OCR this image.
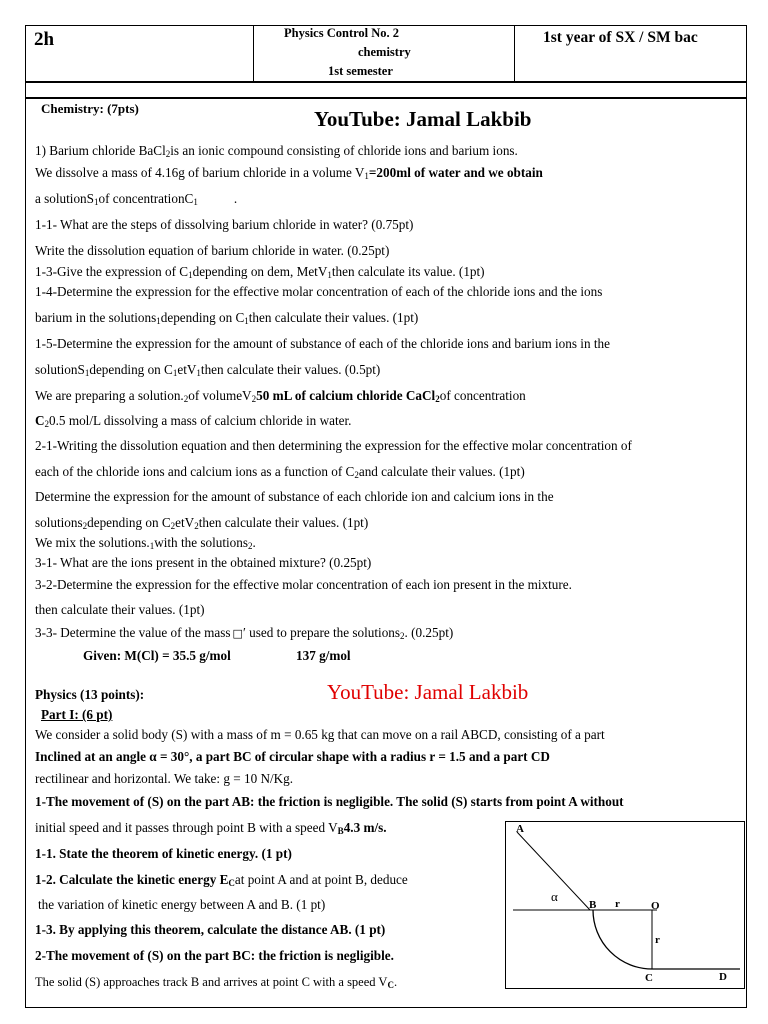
2h	Physics Control No. 2
chemistry
1st semester
1st year of SX / SM bac
Chemistry: (7pts)	YouTube: Jamal Lakbib
1) Barium chloride BaCl$_2$is an ionic compound consisting of chloride ions and barium ions.
We dissolve a mass of 4.16g of barium chloride in a volume $V_1=200ml$ of water and we obtain
a solutionS$_1$of concentrationC$_1$	.
1-1- What are the steps of dissolving barium chloride in water? (0.75pt)
Write the dissolution equation of barium chloride in water. (0.25pt)
1-3-Give the expression of $C_1depending$ on dem, MetV$_1$then calculate its value. (1pt)
1-4-Determine the expression for the effective molar concentration of each of the chloride ions and the ions
barium in the solutions$_1$depending on $C_1then$ calculate their values. (1pt)
1-5-Determine the expression for the amount of substance of each of the chloride ions and barium ions in the
solutionS$_1$depending on $C_1etV_1then$ calculate their values. (0.5pt)
We are preparing a $solution._2of$ volumeV$_2$50 mL of calcium chloride CaCl$_2$of concentration
$C_20.5$ mol/L dissolving a mass of calcium chloride in water.
2-1-Writing the dissolution equation and then determining the expression for the effective molar concentration of
each of the chloride ions and calcium ions as a function of $C_2and$ calculate their values. (1pt)
Determine the expression for the amount of substance of each chloride ion and calcium ions in the
solutions$_2$depending on $C_2etV_2then$ calculate their values. (1pt)
We mix the $solutions._1with$ the solutions$_2$.
3-1- What are the ions present in the obtained mixture? (0.25pt)
3-2-Determine the expression for the effective molar concentration of each ion present in the mixture.
then calculate their values. (1pt)
3-3- Determine the value of the mass □′ used to prepare the solutions$_2$. (0.25pt)
Given: M(Cl) = 35.5 g/mol	137 g/mol
Physics (13 points):	YouTube: Jamal Lakbib
Part I: (6 pt)
We consider a solid body (S) with a mass of m = 0.65 kg that can move on a rail ABCD, consisting of a part
Inclined at an angle α = 30°, a part BC of circular shape with a radius r = 1.5 and a part CD
rectilinear and horizontal. We take: g = 10 N/Kg.
1-The movement of (S) on the part AB: the friction is negligible. The solid (S) starts from point A without
initial speed and it passes through point B with a speed $V_B4.3$ m/s.
1-1. State the theorem of kinetic energy. (1 pt)
1-2. Calculate the kinetic energy $E_Cat$ point A and at point B, deduce
the variation of kinetic energy between A and B. (1 pt)
1-3. By applying this theorem, calculate the distance AB. (1 pt)
2-The movement of (S) on the part BC: the friction is negligible.
The solid (S) approaches track B and arrives at point C with a speed $V_C$.
A
α
B r	O
r
C	D
